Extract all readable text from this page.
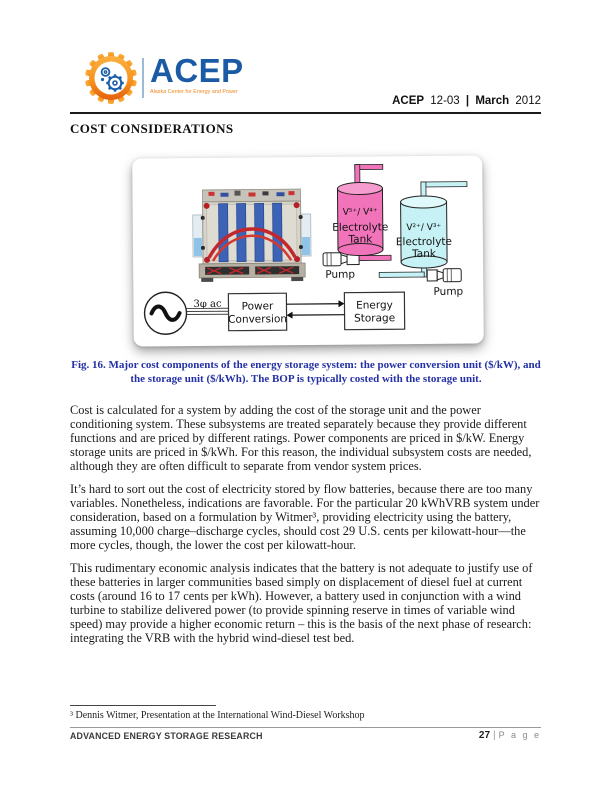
ACEP
Alaska Center for Energy and Power
ACEP 12-03 | March 2012
COST CONSIDERATIONS
V⁵⁺/ V⁴⁺
Electrolyte
Tank
Pump
V²⁺/ V³⁺
Electrolyte
Tank
Pump
3φ ac Power
Conversion
Energy
Storage
Fig. 16. Major cost components of the energy storage system: the power conversion unit ($/kW), and the storage unit ($/kWh). The BOP is typically costed with the storage unit.

Cost is calculated for a system by adding the cost of the storage unit and the power conditioning system. These subsystems are treated separately because they provide different functions and are priced by different ratings. Power components are priced in $/kW. Energy storage units are priced in $/kWh. For this reason, the individual subsystem costs are needed, although they are often difficult to separate from vendor system prices.

It’s hard to sort out the cost of electricity stored by flow batteries, because there are too many variables. Nonetheless, indications are favorable. For the particular 20 kWhVRB system under consideration, based on a formulation by Witmer³, providing electricity using the battery, assuming 10,000 charge–discharge cycles, should cost 29 U.S. cents per kilowatt-hour—the more cycles, though, the lower the cost per kilowatt-hour.

This rudimentary economic analysis indicates that the battery is not adequate to justify use of these batteries in larger communities based simply on displacement of diesel fuel at current costs (around 16 to 17 cents per kWh). However, a battery used in conjunction with a wind turbine to stabilize delivered power (to provide spinning reserve in times of variable wind speed) may provide a higher economic return – this is the basis of the next phase of research: integrating the VRB with the hybrid wind-diesel test bed.

³ Dennis Witmer, Presentation at the International Wind-Diesel Workshop
ADVANCED ENERGY STORAGE RESEARCH	27 | P a g e
